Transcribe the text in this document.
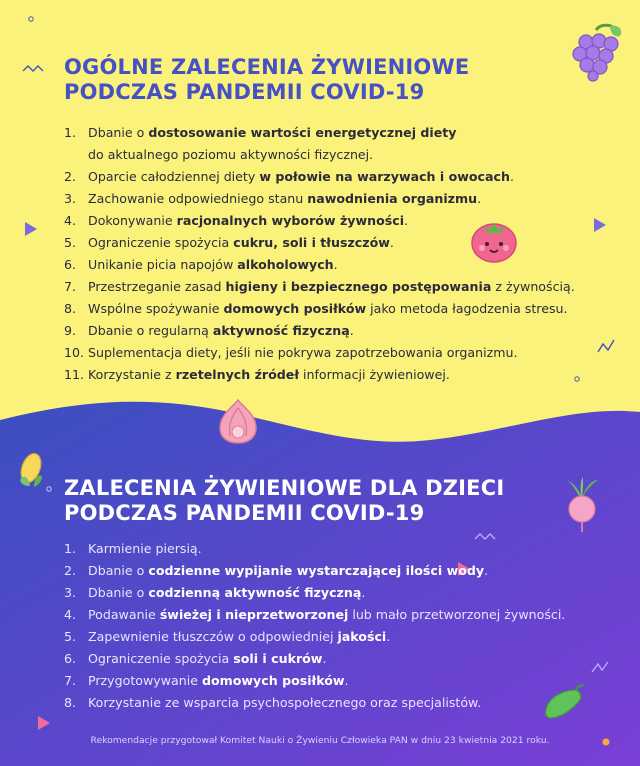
OGÓLNE ZALECENIA ŻYWIENIOWE
PODCZAS PANDEMII COVID-19
1. Dbanie o dostosowanie wartości energetycznej diety
do aktualnego poziomu aktywności fizycznej.
2. Oparcie całodziennej diety w połowie na warzywach i owocach.
3. Zachowanie odpowiedniego stanu nawodnienia organizmu.
4. Dokonywanie racjonalnych wyborów żywności.
5. Ograniczenie spożycia cukru, soli i tłuszczów.
6. Unikanie picia napojów alkoholowych.
7. Przestrzeganie zasad higieny i bezpiecznego postępowania z żywnością.
8. Wspólne spożywanie domowych posiłków jako metoda łagodzenia stresu.
9. Dbanie o regularną aktywność fizyczną.
10. Suplementacja diety, jeśli nie pokrywa zapotrzebowania organizmu.
11. Korzystanie z rzetelnych źródeł informacji żywieniowej.
ZALECENIA ŻYWIENIOWE DLA DZIECI
PODCZAS PANDEMII COVID-19
1. Karmienie piersią.
2. Dbanie o codzienne wypijanie wystarczającej ilości wody.
3. Dbanie o codzienną aktywność fizyczną.
4. Podawanie świeżej i nieprzetworzonej lub mało przetworzonej żywności.
5. Zapewnienie tłuszczów o odpowiedniej jakości.
6. Ograniczenie spożycia soli i cukrów.
7. Przygotowywanie domowych posiłków.
8. Korzystanie ze wsparcia psychospołecznego oraz specjalistów.
Rekomendacje przygotował Komitet Nauki o Żywieniu Człowieka PAN w dniu 23 kwietnia 2021 roku.
